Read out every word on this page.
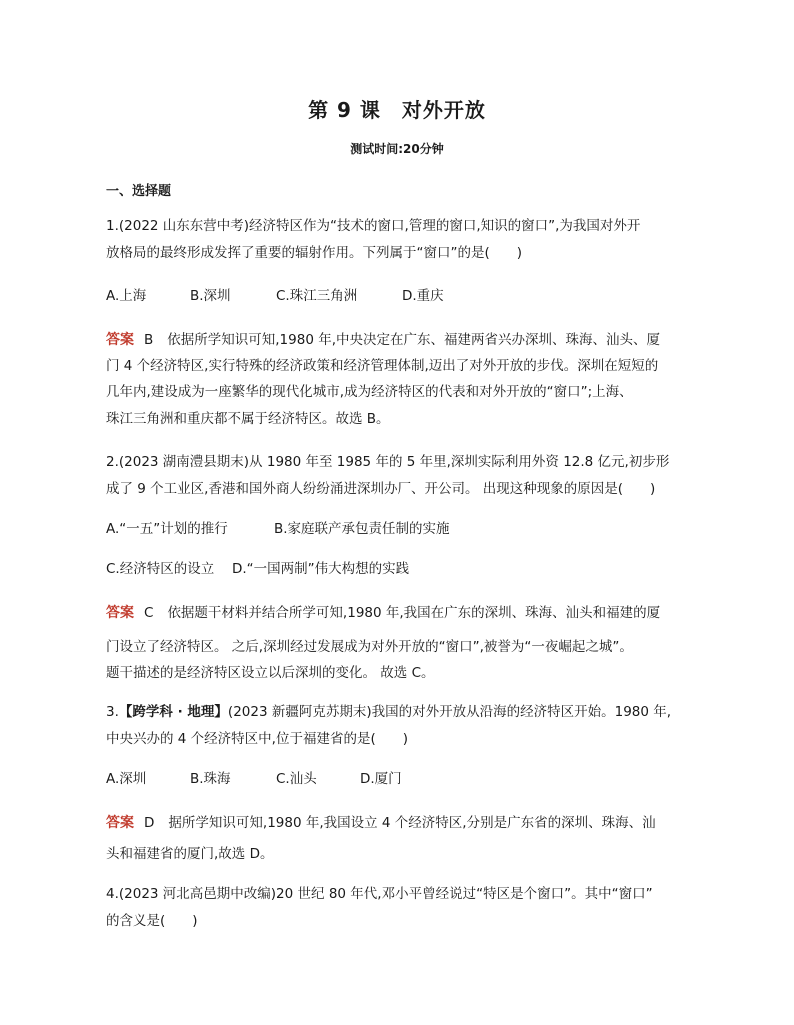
第 9 课　对外开放
测试时间:20分钟
一、选择题
1.(2022 山东东营中考)经济特区作为“技术的窗口,管理的窗口,知识的窗口”,为我国对外开
放格局的最终形成发挥了重要的辐射作用。下列属于“窗口”的是(　　)
A.上海	B.深圳	C.珠江三角洲	D.重庆
答案 B 依据所学知识可知,1980 年,中央决定在广东、福建两省兴办深圳、珠海、汕头、厦
门 4 个经济特区,实行特殊的经济政策和经济管理体制,迈出了对外开放的步伐。深圳在短短的
几年内,建设成为一座繁华的现代化城市,成为经济特区的代表和对外开放的“窗口”;上海、
珠江三角洲和重庆都不属于经济特区。故选 B。
2.(2023 湖南澧县期末)从 1980 年至 1985 年的 5 年里,深圳实际利用外资 12.8 亿元,初步形
成了 9 个工业区,香港和国外商人纷纷涌进深圳办厂、开公司。 出现这种现象的原因是(　　)
A.“一五”计划的推行	B.家庭联产承包责任制的实施
C.经济特区的设立 D.“一国两制”伟大构想的实践
答案 C 依据题干材料并结合所学可知,1980 年,我国在广东的深圳、珠海、汕头和福建的厦
门设立了经济特区。 之后,深圳经过发展成为对外开放的“窗口”,被誉为“一夜崛起之城”。
题干描述的是经济特区设立以后深圳的变化。 故选 C。
3.【跨学科 · 地理】(2023 新疆阿克苏期末)我国的对外开放从沿海的经济特区开始。1980 年,
中央兴办的 4 个经济特区中,位于福建省的是(　　)
A.深圳	B.珠海	C.汕头	D.厦门
答案 D 据所学知识可知,1980 年,我国设立 4 个经济特区,分别是广东省的深圳、珠海、汕
头和福建省的厦门,故选 D。
4.(2023 河北高邑期中改编)20 世纪 80 年代,邓小平曾经说过“特区是个窗口”。其中“窗口”
的含义是(　　)
